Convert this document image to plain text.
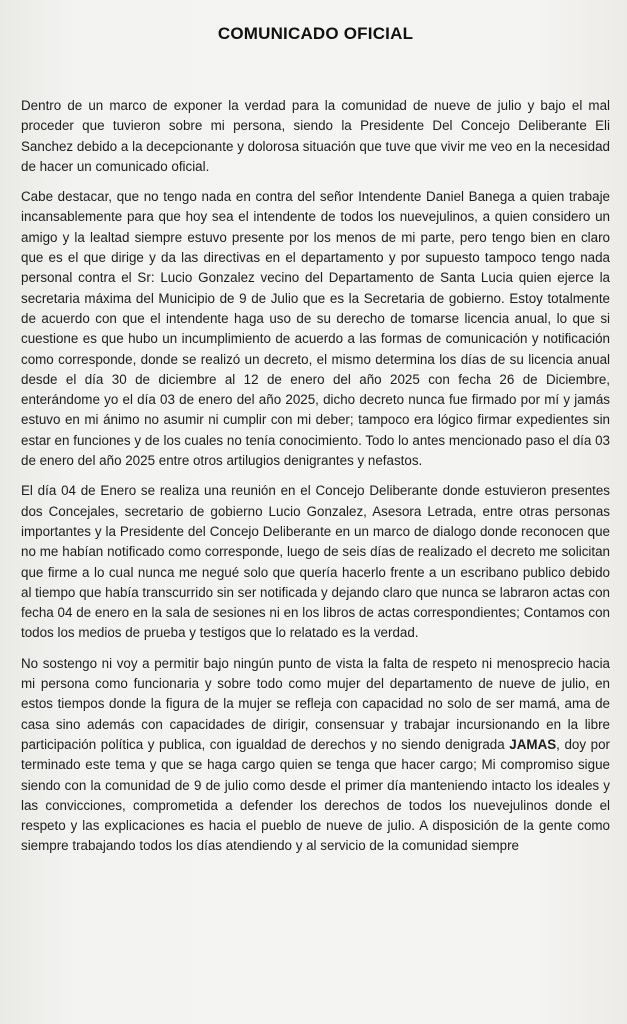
COMUNICADO OFICIAL

Dentro de un marco de exponer la verdad para la comunidad de nueve de julio y bajo el mal proceder que tuvieron sobre mi persona, siendo la Presidente Del Concejo Deliberante Eli Sanchez debido a la decepcionante y dolorosa situación que tuve que vivir me veo en la necesidad de hacer un comunicado oficial.

Cabe destacar, que no tengo nada en contra del señor Intendente Daniel Banega a quien trabaje incansablemente para que hoy sea el intendente de todos los nuevejulinos, a quien considero un amigo y la lealtad siempre estuvo presente por los menos de mi parte, pero tengo bien en claro que es el que dirige y da las directivas en el departamento y por supuesto tampoco tengo nada personal contra el Sr: Lucio Gonzalez vecino del Departamento de Santa Lucia quien ejerce la secretaria máxima del Municipio de 9 de Julio que es la Secretaria de gobierno. Estoy totalmente de acuerdo con que el intendente haga uso de su derecho de tomarse licencia anual, lo que si cuestione es que hubo un incumplimiento de acuerdo a las formas de comunicación y notificación como corresponde, donde se realizó un decreto, el mismo determina los días de su licencia anual desde el día 30 de diciembre al 12 de enero del año 2025 con fecha 26 de Diciembre, enterándome yo el día 03 de enero del año 2025, dicho decreto nunca fue firmado por mí y jamás estuvo en mi ánimo no asumir ni cumplir con mi deber; tampoco era lógico firmar expedientes sin estar en funciones y de los cuales no tenía conocimiento. Todo lo antes mencionado paso el día 03 de enero del año 2025 entre otros artilugios denigrantes y nefastos.

El día 04 de Enero se realiza una reunión en el Concejo Deliberante donde estuvieron presentes dos Concejales, secretario de gobierno Lucio Gonzalez, Asesora Letrada, entre otras personas importantes y la Presidente del Concejo Deliberante en un marco de dialogo donde reconocen que no me habían notificado como corresponde, luego de seis días de realizado el decreto me solicitan que firme a lo cual nunca me negué solo que quería hacerlo frente a un escribano publico debido al tiempo que había transcurrido sin ser notificada y dejando claro que nunca se labraron actas con fecha 04 de enero en la sala de sesiones ni en los libros de actas correspondientes; Contamos con todos los medios de prueba y testigos que lo relatado es la verdad.

No sostengo ni voy a permitir bajo ningún punto de vista la falta de respeto ni menosprecio hacia mi persona como funcionaria y sobre todo como mujer del departamento de nueve de julio, en estos tiempos donde la figura de la mujer se refleja con capacidad no solo de ser mamá, ama de casa sino además con capacidades de dirigir, consensuar y trabajar incursionando en la libre participación política y publica, con igualdad de derechos y no siendo denigrada JAMAS, doy por terminado este tema y que se haga cargo quien se tenga que hacer cargo; Mi compromiso sigue siendo con la comunidad de 9 de julio como desde el primer día manteniendo intacto los ideales y las convicciones, comprometida a defender los derechos de todos los nuevejulinos donde el respeto y las explicaciones es hacia el pueblo de nueve de julio. A disposición de la gente como siempre trabajando todos los días atendiendo y al servicio de la comunidad siempre
